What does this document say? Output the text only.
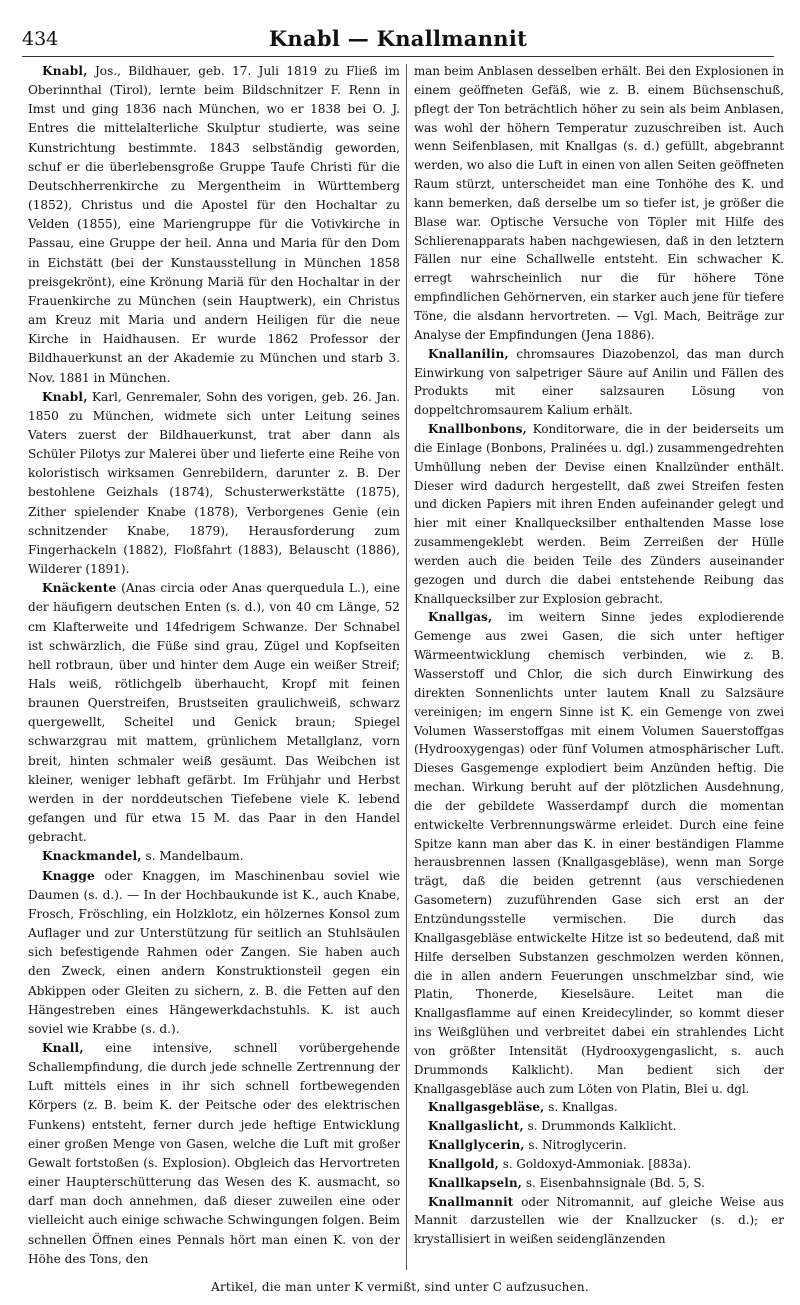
434	Knabl — Knallmannit

Knabl, Jos., Bildhauer, geb. 17. Juli 1819 zu Fließ im Oberinnthal (Tirol), lernte beim Bildschnitzer F. Renn in Imst und ging 1836 nach München, wo er 1838 bei O. J. Entres die mittelalterliche Skulptur studierte, was seine Kunstrichtung bestimmte. 1843 selbständig geworden, schuf er die überlebensgroße Gruppe Taufe Christi für die Deutschherrenkirche zu Mergentheim in Württemberg (1852), Christus und die Apostel für den Hochaltar zu Velden (1855), eine Mariengruppe für die Votivkirche in Passau, eine Gruppe der heil. Anna und Maria für den Dom in Eichstätt (bei der Kunstausstellung in München 1858 preisgekrönt), eine Krönung Mariä für den Hochaltar in der Frauenkirche zu München (sein Hauptwerk), ein Christus am Kreuz mit Maria und andern Heiligen für die neue Kirche in Haidhausen. Er wurde 1862 Professor der Bildhauerkunst an der Akademie zu München und starb 3. Nov. 1881 in München.

Knabl, Karl, Genremaler, Sohn des vorigen, geb. 26. Jan. 1850 zu München, widmete sich unter Leitung seines Vaters zuerst der Bildhauerkunst, trat aber dann als Schüler Pilotys zur Malerei über und lieferte eine Reihe von koloristisch wirksamen Genrebildern, darunter z. B. Der bestohlene Geizhals (1874), Schusterwerkstätte (1875), Zither spielender Knabe (1878), Verborgenes Genie (ein schnitzender Knabe, 1879), Herausforderung zum Fingerhackeln (1882), Floßfahrt (1883), Belauscht (1886), Wilderer (1891).

Knäckente (Anas circia oder Anas querquedula L.), eine der häufigern deutschen Enten (s. d.), von 40 cm Länge, 52 cm Klafterweite und 14fedrigem Schwanze. Der Schnabel ist schwärzlich, die Füße sind grau, Zügel und Kopfseiten hell rotbraun, über und hinter dem Auge ein weißer Streif; Hals weiß, rötlichgelb überhaucht, Kropf mit feinen braunen Querstreifen, Brustseiten graulichweiß, schwarz quergewellt, Scheitel und Genick braun; Spiegel schwarzgrau mit mattem, grünlichem Metallglanz, vorn breit, hinten schmaler weiß gesäumt. Das Weibchen ist kleiner, weniger lebhaft gefärbt. Im Frühjahr und Herbst werden in der norddeutschen Tiefebene viele K. lebend gefangen und für etwa 15 M. das Paar in den Handel gebracht.

Knackmandel, s. Mandelbaum.

Knagge oder Knaggen, im Maschinenbau soviel wie Daumen (s. d.). — In der Hochbaukunde ist K., auch Knabe, Frosch, Fröschling, ein Holzklotz, ein hölzernes Konsol zum Auflager und zur Unterstützung für seitlich an Stuhlsäulen sich befestigende Rahmen oder Zangen. Sie haben auch den Zweck, einen andern Konstruktionsteil gegen ein Abkippen oder Gleiten zu sichern, z. B. die Fetten auf den Hängestreben eines Hängewerkdachstuhls. K. ist auch soviel wie Krabbe (s. d.).

Knall, eine intensive, schnell vorübergehende Schallempfindung, die durch jede schnelle Zertrennung der Luft mittels eines in ihr sich schnell fortbewegenden Körpers (z. B. beim K. der Peitsche oder des elektrischen Funkens) entsteht, ferner durch jede heftige Entwicklung einer großen Menge von Gasen, welche die Luft mit großer Gewalt fortstoßen (s. Explosion). Obgleich das Hervortreten einer Haupterschütterung das Wesen des K. ausmacht, so darf man doch annehmen, daß dieser zuweilen eine oder vielleicht auch einige schwache Schwingungen folgen. Beim schnellen Öffnen eines Pennals hört man einen K. von der Höhe des Tons, den

man beim Anblasen desselben erhält. Bei den Explosionen in einem geöffneten Gefäß, wie z. B. einem Büchsenschuß, pflegt der Ton beträchtlich höher zu sein als beim Anblasen, was wohl der höhern Temperatur zuzuschreiben ist. Auch wenn Seifenblasen, mit Knallgas (s. d.) gefüllt, abgebrannt werden, wo also die Luft in einen von allen Seiten geöffneten Raum stürzt, unterscheidet man eine Tonhöhe des K. und kann bemerken, daß derselbe um so tiefer ist, je größer die Blase war. Optische Versuche von Töpler mit Hilfe des Schlierenapparats haben nachgewiesen, daß in den letztern Fällen nur eine Schallwelle entsteht. Ein schwacher K. erregt wahrscheinlich nur die für höhere Töne empfindlichen Gehörnerven, ein starker auch jene für tiefere Töne, die alsdann hervortreten. — Vgl. Mach, Beiträge zur Analyse der Empfindungen (Jena 1886).

Knallanilin, chromsaures Diazobenzol, das man durch Einwirkung von salpetriger Säure auf Anilin und Fällen des Produkts mit einer salzsauren Lösung von doppeltchromsaurem Kalium erhält.

Knallbonbons, Konditorware, die in der beiderseits um die Einlage (Bonbons, Pralinées u. dgl.) zusammengedrehten Umhüllung neben der Devise einen Knallzünder enthält. Dieser wird dadurch hergestellt, daß zwei Streifen festen und dicken Papiers mit ihren Enden aufeinander gelegt und hier mit einer Knallquecksilber enthaltenden Masse lose zusammengeklebt werden. Beim Zerreißen der Hülle werden auch die beiden Teile des Zünders auseinander gezogen und durch die dabei entstehende Reibung das Knallquecksilber zur Explosion gebracht.

Knallgas, im weitern Sinne jedes explodierende Gemenge aus zwei Gasen, die sich unter heftiger Wärmeentwicklung chemisch verbinden, wie z. B. Wasserstoff und Chlor, die sich durch Einwirkung des direkten Sonnenlichts unter lautem Knall zu Salzsäure vereinigen; im engern Sinne ist K. ein Gemenge von zwei Volumen Wasserstoffgas mit einem Volumen Sauerstoffgas (Hydrooxygengas) oder fünf Volumen atmosphärischer Luft. Dieses Gasgemenge explodiert beim Anzünden heftig. Die mechan. Wirkung beruht auf der plötzlichen Ausdehnung, die der gebildete Wasserdampf durch die momentan entwickelte Verbrennungswärme erleidet. Durch eine feine Spitze kann man aber das K. in einer beständigen Flamme herausbrennen lassen (Knallgasgebläse), wenn man Sorge trägt, daß die beiden getrennt (aus verschiedenen Gasometern) zuzuführenden Gase sich erst an der Entzündungsstelle vermischen. Die durch das Knallgasgebläse entwickelte Hitze ist so bedeutend, daß mit Hilfe derselben Substanzen geschmolzen werden können, die in allen andern Feuerungen unschmelzbar sind, wie Platin, Thonerde, Kieselsäure. Leitet man die Knallgasflamme auf einen Kreidecylinder, so kommt dieser ins Weißglühen und verbreitet dabei ein strahlendes Licht von größter Intensität (Hydrooxygengaslicht, s. auch Drummonds Kalklicht). Man bedient sich der Knallgasgebläse auch zum Löten von Platin, Blei u. dgl.

Knallgasgebläse, s. Knallgas.

Knallgaslicht, s. Drummonds Kalklicht.

Knallglycerin, s. Nitroglycerin.

Knallgold, s. Goldoxyd-Ammoniak. [883a).

Knallkapseln, s. Eisenbahnsignale (Bd. 5, S.

Knallmannit oder Nitromannit, auf gleiche Weise aus Mannit darzustellen wie der Knallzucker (s. d.); er krystallisiert in weißen seidenglänzenden

Artikel, die man unter K vermißt, sind unter C aufzusuchen.
